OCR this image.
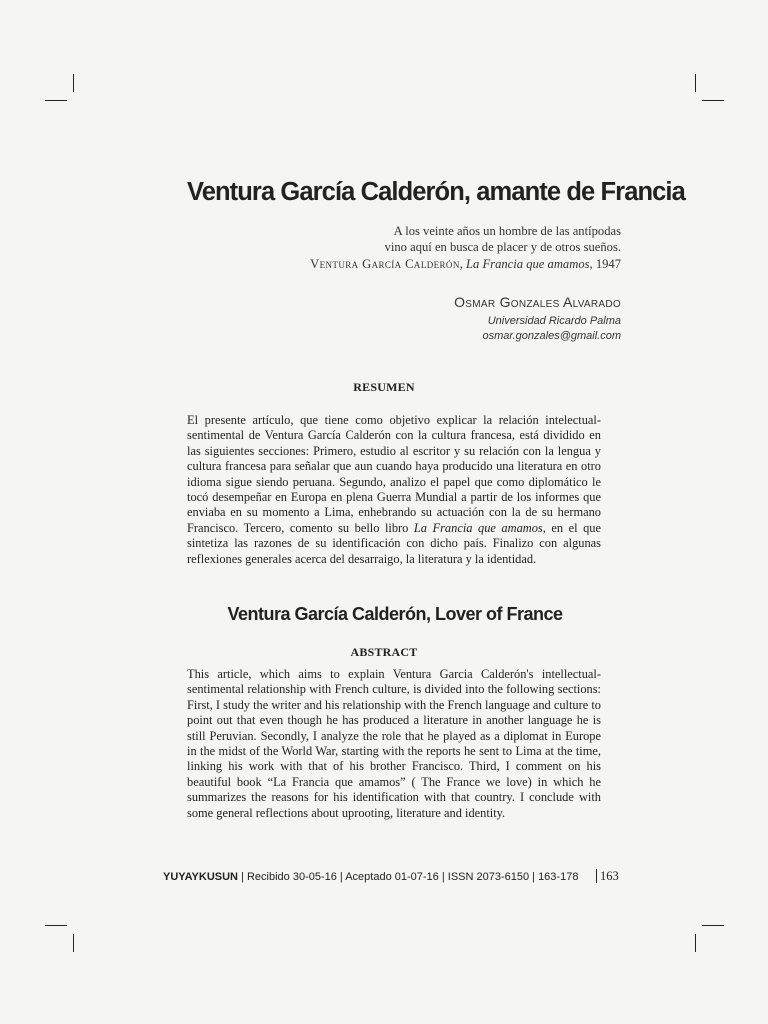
Ventura García Calderón, amante de Francia
A los veinte años un hombre de las antípodas
vino aquí en busca de placer y de otros sueños.
Ventura García Calderón, La Francia que amamos, 1947
Osmar Gonzales Alvarado
Universidad Ricardo Palma
osmar.gonzales@gmail.com
RESUMEN

El presente artículo, que tiene como objetivo explicar la relación intelectual-sentimental de Ventura García Calderón con la cultura francesa, está dividido en las siguientes secciones: Primero, estudio al escritor y su relación con la lengua y cultura francesa para señalar que aun cuando haya producido una literatura en otro idioma sigue siendo peruana. Segundo, analizo el papel que como diplomático le tocó desempeñar en Europa en plena Guerra Mundial a partir de los informes que enviaba en su momento a Lima, enhebrando su actuación con la de su hermano Francisco. Tercero, comento su bello libro La Francia que amamos, en el que sintetiza las razones de su identificación con dicho país. Finalizo con algunas reflexiones generales acerca del desarraigo, la literatura y la identidad.

Ventura García Calderón, Lover of France
ABSTRACT

This article, which aims to explain Ventura Garcia Calderón's intellectual-sentimental relationship with French culture, is divided into the following sections: First, I study the writer and his relationship with the French language and culture to point out that even though he has produced a literature in another language he is still Peruvian. Secondly, I analyze the role that he played as a diplomat in Europe in the midst of the World War, starting with the reports he sent to Lima at the time, linking his work with that of his brother Francisco. Third, I comment on his beautiful book “La Francia que amamos” ( The France we love) in which he summarizes the reasons for his identification with that country. I conclude with some general reflections about uprooting, literature and identity.

YUYAYKUSUN | Recibido 30-05-16 | Aceptado 01-07-16 | ISSN 2073-6150 | 163-178	163
